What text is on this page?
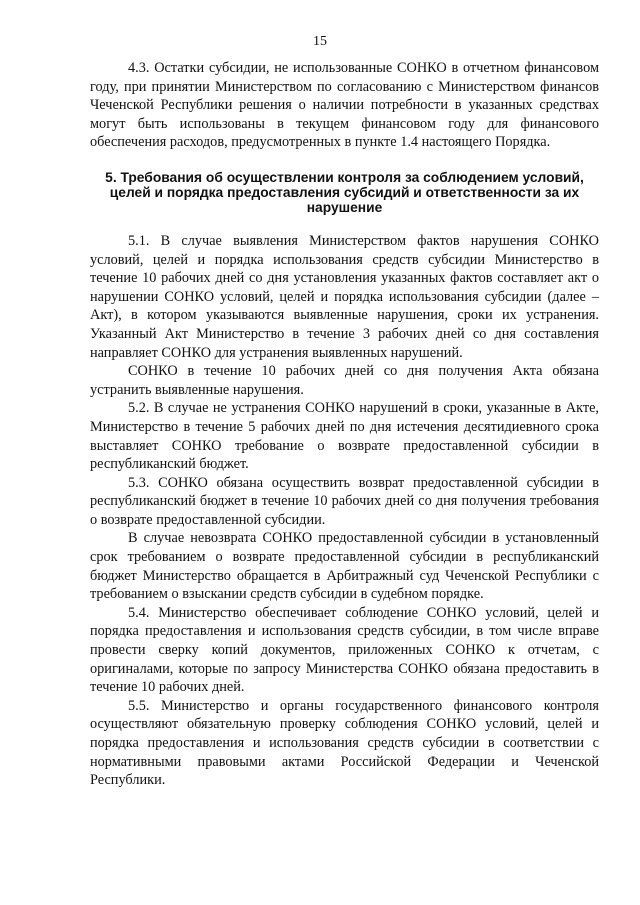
15

4.3. Остатки субсидии, не использованные СОНКО в отчетном финансовом году, при принятии Министерством по согласованию с Министерством финансов Чеченской Республики решения о наличии потребности в указанных средствах могут быть использованы в текущем финансовом году для финансового обеспечения расходов, предусмотренных в пункте 1.4 настоящего Порядка.

5. Требования об осуществлении контроля за соблюдением условий, целей и порядка предоставления субсидий и ответственности за их нарушение

5.1. В случае выявления Министерством фактов нарушения СОНКО условий, целей и порядка использования средств субсидии Министерство в течение 10 рабочих дней со дня установления указанных фактов составляет акт о нарушении СОНКО условий, целей и порядка использования субсидии (далее – Акт), в котором указываются выявленные нарушения, сроки их устранения. Указанный Акт Министерство в течение 3 рабочих дней со дня составления направляет СОНКО для устранения выявленных нарушений.

СОНКО в течение 10 рабочих дней со дня получения Акта обязана устранить выявленные нарушения.

5.2. В случае не устранения СОНКО нарушений в сроки, указанные в Акте, Министерство в течение 5 рабочих дней по дня истечения десятидиевного срока выставляет СОНКО требование о возврате предоставленной субсидии в республиканский бюджет.

5.3. СОНКО обязана осуществить возврат предоставленной субсидии в республиканский бюджет в течение 10 рабочих дней со дня получения требования о возврате предоставленной субсидии.

В случае невозврата СОНКО предоставленной субсидии в установленный срок требованием о возврате предоставленной субсидии в республиканский бюджет Министерство обращается в Арбитражный суд Чеченской Республики с требованием о взыскании средств субсидии в судебном порядке.

5.4. Министерство обеспечивает соблюдение СОНКО условий, целей и порядка предоставления и использования средств субсидии, в том числе вправе провести сверку копий документов, приложенных СОНКО к отчетам, с оригиналами, которые по запросу Министерства СОНКО обязана предоставить в течение 10 рабочих дней.

5.5. Министерство и органы государственного финансового контроля осуществляют обязательную проверку соблюдения СОНКО условий, целей и порядка предоставления и использования средств субсидии в соответствии с нормативными правовыми актами Российской Федерации и Чеченской Республики.
